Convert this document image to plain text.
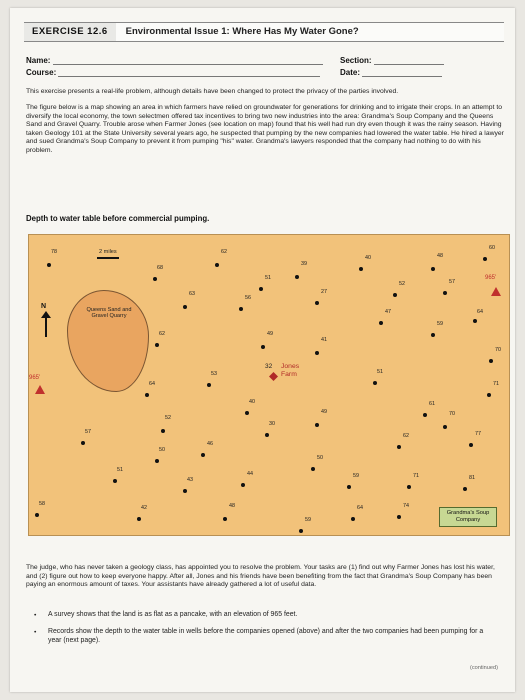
EXERCISE 12.6	Environmental Issue 1: Where Has My Water Gone?
Name:
Course:
Section:
Date:
This exercise presents a real-life problem, although details have been changed to protect the privacy of the parties involved.
The figure below is a map showing an area in which farmers have relied on groundwater for generations for drinking and to irrigate their crops. In an attempt to diversify the local economy, the town selectmen offered tax incentives to bring two new industries into the area: Grandma's Soup Company and the Queens Sand and Gravel Quarry. Trouble arose when Farmer Jones (see location on map) found that his well had run dry even though it was the rainy season. Having taken Geology 101 at the State University several years ago, he suspected that pumping by the new companies had lowered the water table. He hired a lawyer and sued Grandma's Soup Company to prevent it from pumping "his" water. Grandma's lawyers responded that the company had nothing to do with his problem.
Depth to water table before commercial pumping.
2 miles
N	Queens Sand and Gravel Quarry
965'
965'
32 Jones
Farm
Grandma's Soup Company
78
68
62
39
40	48
60
51
27
52	57
63
56
47	64
59
62	49
41
70
53	51
64	71
40	61
52
30
49	70
57
62	77
46
50
50
51
44
43
59	71	81
58
42	48
59
64	74
The judge, who has never taken a geology class, has appointed you to resolve the problem. Your tasks are (1) find out why Farmer Jones has lost his water, and (2) figure out how to keep everyone happy. After all, Jones and his friends have been benefiting from the fact that Grandma's Soup Company has been paying an enormous amount of taxes. Your assistants have already gathered a lot of useful data.
• A survey shows that the land is as flat as a pancake, with an elevation of 965 feet.
• Records show the depth to the water table in wells before the companies opened (above) and after the two companies had been pumping for a year (next page).
(continued)
